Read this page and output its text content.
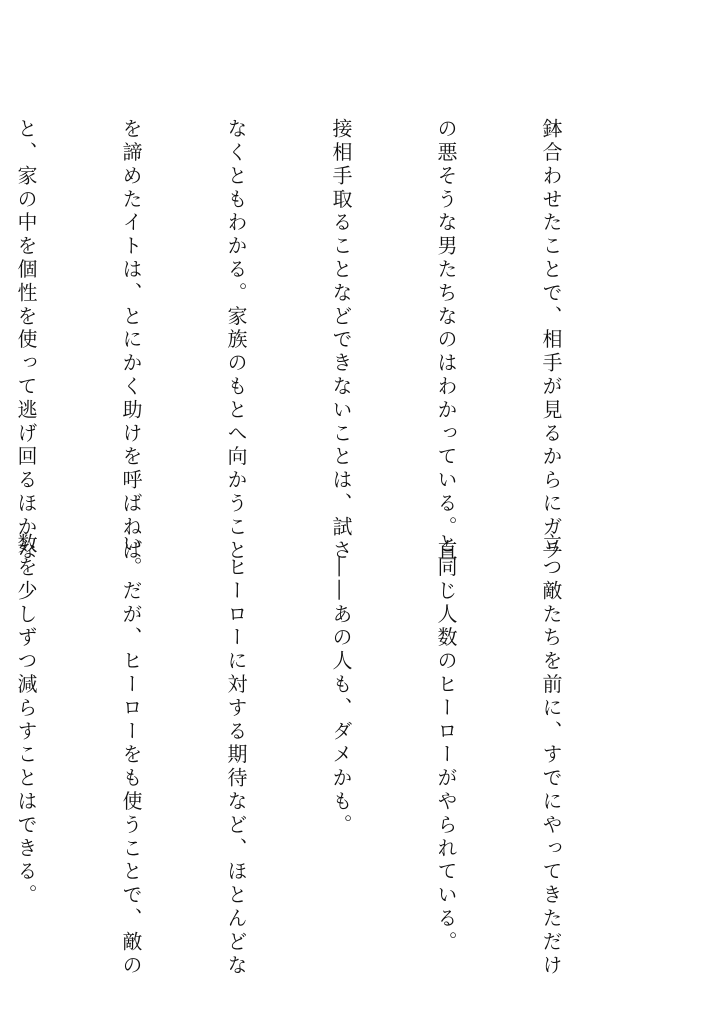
鉢合わせたことで、相手が見るからにガラ

の悪そうな男たちなのはわかっている。直

接相手取ることなどできないことは、試さ

なくともわかる。家族のもとへ向かうこと

を諦めたイトは、とにかく助けを呼ばねば

と、家の中を個性を使って逃げ回るほかな

立つ敵たちを前に、すでにやってきただけ

と同じ人数のヒーローがやられている。

　――あの人も、ダメかも。

　ヒーローに対する期待など、ほとんどな

い。だが、ヒーローをも使うことで、敵の

数を少しずつ減らすことはできる。
